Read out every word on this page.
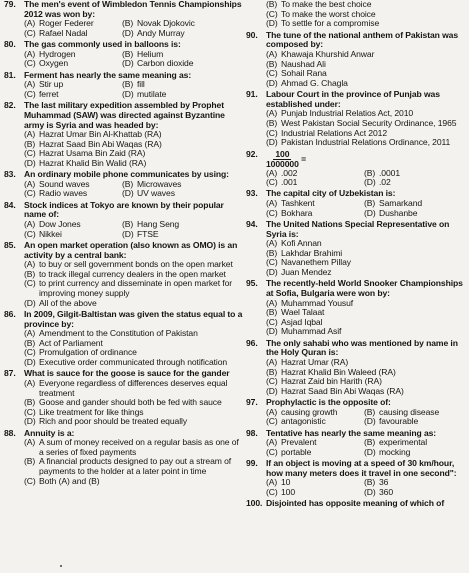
79. The men's event of Wimbledon Tennis Championships 2012 was won by:
(A) Roger Federer	(B) Novak Djokovic
(C) Rafael Nadal	(D) Andy Murray
80. The gas commonly used in balloons is:
(A) Hydrogen	(B) Helium
(C) Oxygen	(D) Carbon dioxide
81. Ferment has nearly the same meaning as:
(A) Stir up	(B) fill
(C) ferret	(D) mutilate
82. The last military expedition assembled by Prophet Muhammad (SAW) was directed against Byzantine army is Syria and was headed by:
(A) Hazrat Umar Bin Al-Khattab (RA)
(B) Hazrat Saad Bin Abi Waqas (RA)
(C) Hazrat Usama Bin Zaid (RA)
(D) Hazrat Khalid Bin Walid (RA)
83. An ordinary mobile phone communicates by using:
(A) Sound waves	(B) Microwaves
(C) Radio waves	(D) UV waves
84. Stock indices at Tokyo are known by their popular name of:
(A) Dow Jones	(B) Hang Seng
(C) Nikkei	(D) FTSE
85. An open market operation (also known as OMO) is an activity by a central bank:
(A) to buy or sell government bonds on the open market
(B) to track illegal currency dealers in the open market
(C) to print currency and disseminate in open market for improving money supply
(D) All of the above
86. In 2009, Gilgit-Baltistan was given the status equal to a province by:
(A) Amendment to the Constitution of Pakistan
(B) Act of Parliament
(C) Promulgation of ordinance
(D) Executive order communicated through notification
87. What is sauce for the goose is sauce for the gander
(A) Everyone regardless of differences deserves equal treatment
(B) Goose and gander should both be fed with sauce
(C) Like treatment for like things
(D) Rich and poor should be treated equally
88. Annuity is a:
(A) A sum of money received on a regular basis as one of a series of fixed payments
(B) A financial products designed to pay out a stream of payments to the holder at a later point in time
(C) Both (A) and (B)
(B) To make the best choice
(C) To make the worst choice
(D) To settle for a compromise
90. The tune of the national anthem of Pakistan was composed by:
(A) Khawaja Khurshid Anwar
(B) Naushad Ali
(C) Sohail Rana
(D) Ahmad G. Chagla
91. Labour Court in the province of Punjab was established under:
(A) Punjab Industrial Relatios Act, 2010
(B) West Pakistan Social Security Ordinance, 1965
(C) Industrial Relations Act 2012
(D) Pakistan Industrial Relations Ordinance, 2011
92. $\frac{100}{1000000}$ =
(A) .002	(B) .0001
(C) .001	(D) .02
93. The capital city of Uzbekistan is:
(A) Tashkent	(B) Samarkand
(C) Bokhara	(D) Dushanbe
94. The United Nations Special Representative on Syria is:
(A) Kofi Annan
(B) Lakhdar Brahimi
(C) Navanethem Pillay
(D) Juan Mendez
95. The recently-held World Snooker Championships at Sofia, Bulgaria were won by:
(A) Muhammad Yousuf
(B) Wael Talaat
(C) Asjad Iqbal
(D) Muhammad Asif
96. The only sahabi who was mentioned by name in the Holy Quran is:
(A) Hazrat Umar (RA)
(B) Hazrat Khalid Bin Waleed (RA)
(C) Hazrat Zaid bin Harith (RA)
(D) Hazrat Saad Bin Abi Waqas (RA)
97. Prophylactic is the opposite of:
(A) causing growth	(B) causing disease
(C) antagonistic	(D) favourable
98. Tentative has nearly the same meaning as:
(A) Prevalent	(B) experimental
(C) portable	(D) mocking
99. If an object is moving at a speed of 30 km/hour, how many meters does it travel in one second":
(A) 10	(B) 36
(C) 100	(D) 360
100. Disjointed has opposite meaning of which of
